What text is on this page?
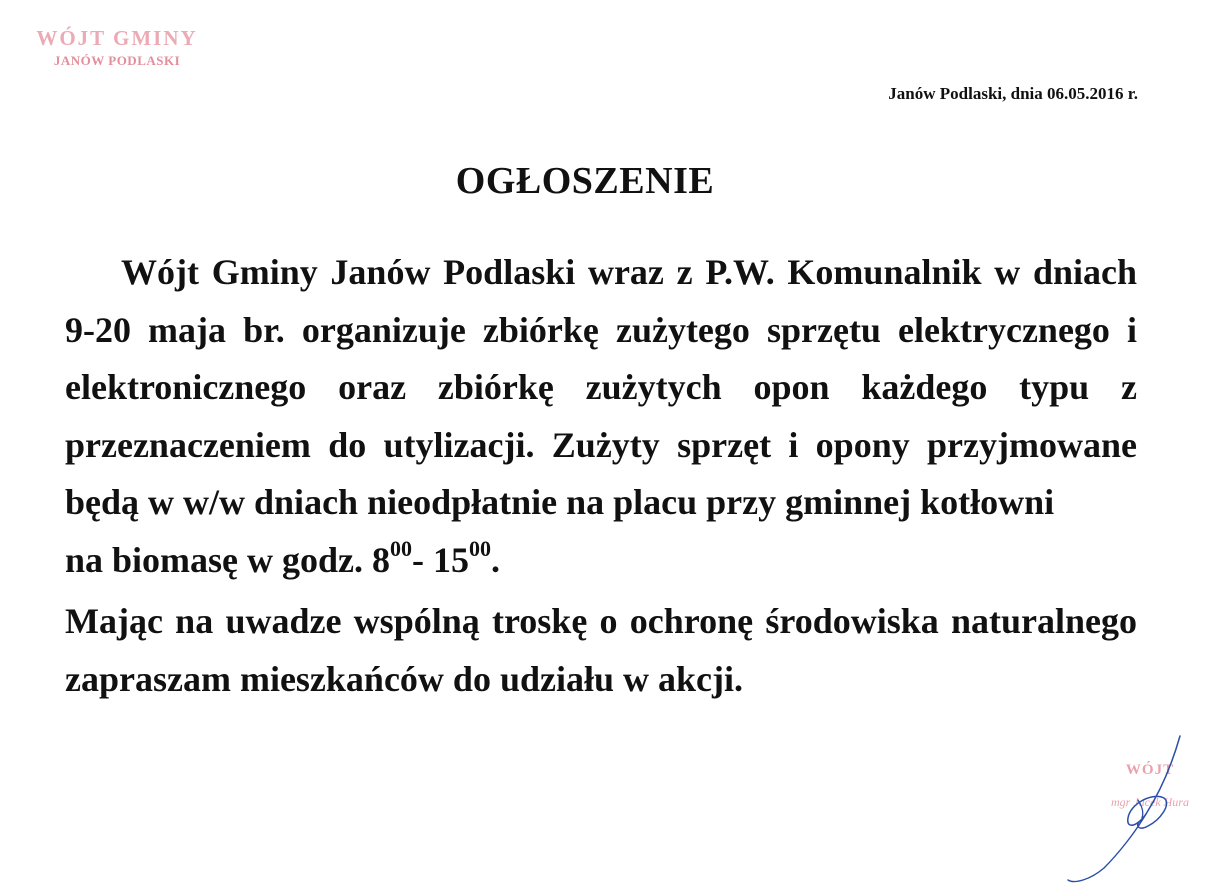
WÓJT GMINY
JANÓW PODLASKI
Janów Podlaski, dnia 06.05.2016 r.
OGŁOSZENIE

Wójt Gminy Janów Podlaski wraz z P.W. Komunalnik w dniach 9-20 maja br. organizuje zbiórkę zużytego sprzętu elektrycznego i elektronicznego oraz zbiórkę zużytych opon każdego typu z przeznaczeniem do utylizacji. Zużyty sprzęt i opony przyjmowane będą w w/w dniach nieodpłatnie na placu przy gminnej kotłowni

na biomasę w godz. $8^{00}-$ $15^{00}$.

Mając na uwadze wspólną troskę o ochronę środowiska naturalnego zapraszam mieszkańców do udziału w akcji.

WÓJT
mgr Jacek Hura
